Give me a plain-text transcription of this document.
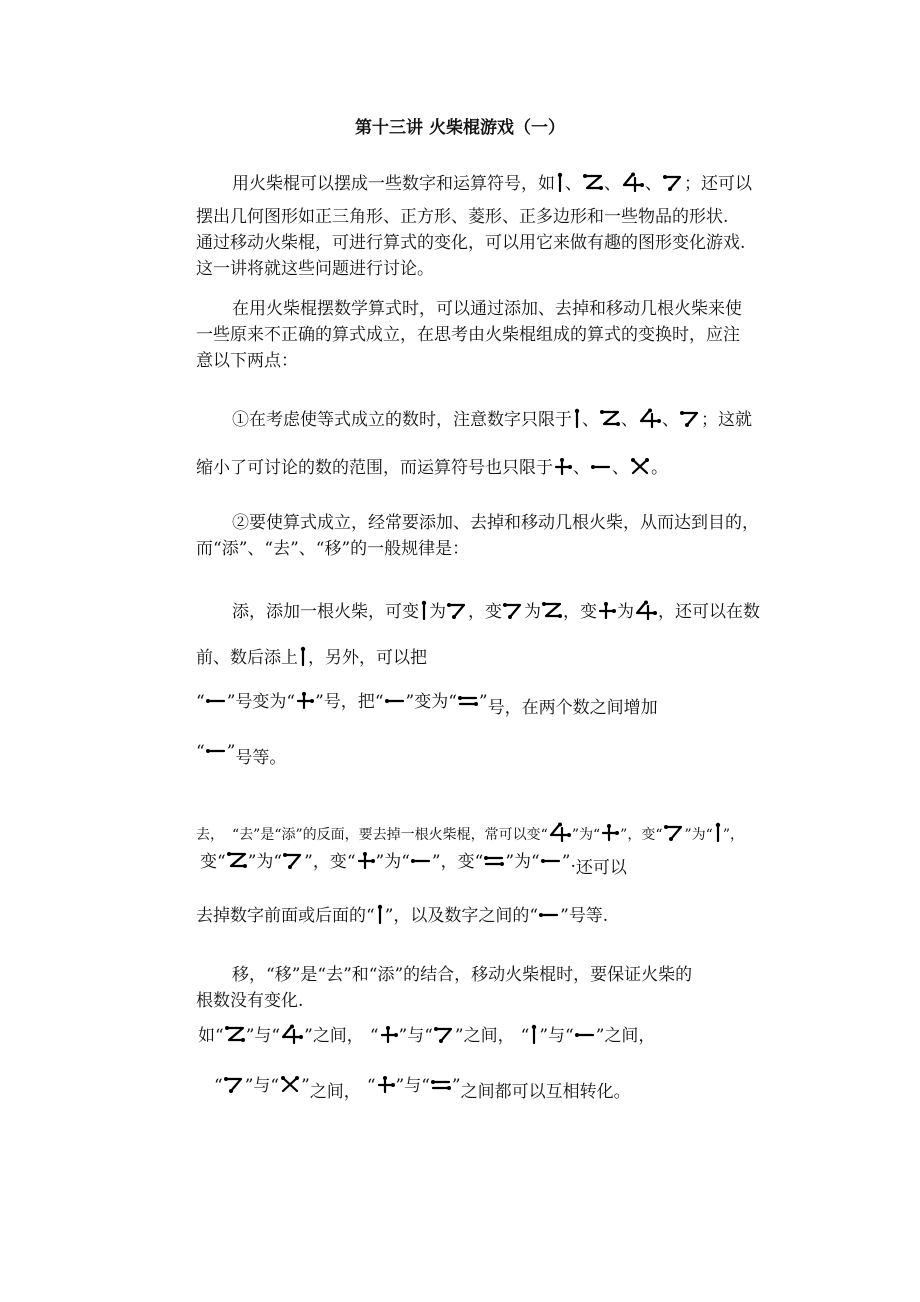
第十三讲 火柴棍游戏（一）
用火柴棍可以摆成一些数字和运算符号，如 、 、 、 ；还可以
摆出几何图形如正三角形、正方形、菱形、正多边形和一些物品的形状.
通过移动火柴棍，可进行算式的变化，可以用它来做有趣的图形变化游戏.
这一讲将就这些问题进行讨论。
在用火柴棍摆数学算式时，可以通过添加、去掉和移动几根火柴来使
一些原来不正确的算式成立，在思考由火柴棍组成的算式的变换时，应注
意以下两点：
①在考虑使等式成立的数时，注意数字只限于 、 、 、 ；这就
缩小了可讨论的数的范围，而运算符号也只限于 、 、 。
②要使算式成立，经常要添加、去掉和移动几根火柴，从而达到目的，
而“添”、“去”、“移”的一般规律是：
添，添加一根火柴，可变 为 ，变 为 ，变 为 ，还可以在数
前、数后添上 ，另外，可以把
“ ”号变为“ ”号，把“ ”变为“ ”号，在两个数之间增加
“ ”号等。
去， “去”是“添”的反面，要去掉一根火柴棍，常可以变“ ”为“ ”，变“ ”为“ ”，
变“ ”为“ ”，变“ ”为“ ”，变“ ”为“ ”.还可以
去掉数字前面或后面的“ ”，以及数字之间的“ ”号等.
移，“移”是“去”和“添”的结合，移动火柴棍时，要保证火柴的
根数没有变化.
如“ ”与“ ”之间， “ ”与“ ”之间， “ ”与“ ”之间，
“ ”与“ ”之间， “ ”与“ ”之间都可以互相转化。
